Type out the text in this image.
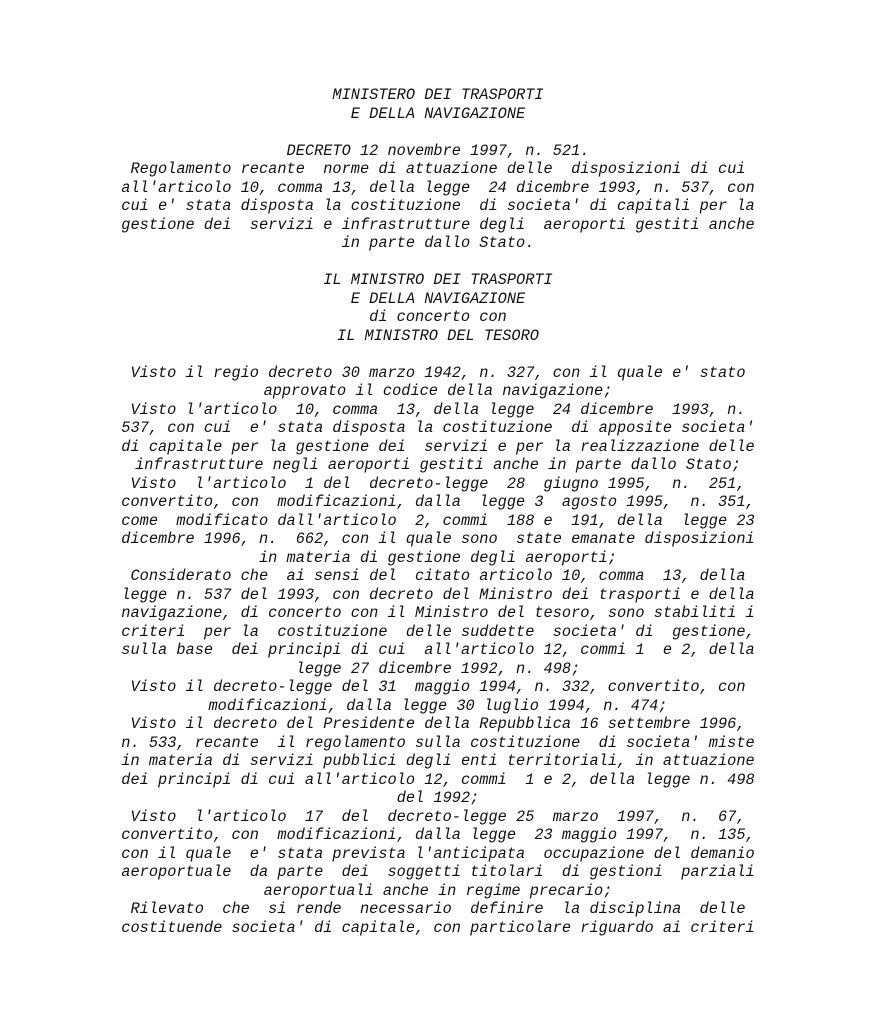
MINISTERO DEI TRASPORTI
E DELLA NAVIGAZIONE
DECRETO 12 novembre 1997, n. 521.
Regolamento recante  norme di attuazione delle  disposizioni di cui
all'articolo 10, comma 13, della legge  24 dicembre 1993, n. 537, con
cui e' stata disposta la costituzione  di societa' di capitali per la
gestione dei  servizi e infrastrutture degli  aeroporti gestiti anche
in parte dallo Stato.
IL MINISTRO DEI TRASPORTI
E DELLA NAVIGAZIONE
di concerto con
IL MINISTRO DEL TESORO
Visto il regio decreto 30 marzo 1942, n. 327, con il quale e' stato
approvato il codice della navigazione;
Visto l'articolo  10, comma  13, della legge  24 dicembre  1993, n.
537, con cui  e' stata disposta la costituzione  di apposite societa'
di capitale per la gestione dei  servizi e per la realizzazione delle
infrastrutture negli aeroporti gestiti anche in parte dallo Stato;
Visto  l'articolo  1 del  decreto-legge  28  giugno 1995,  n.  251,
convertito, con  modificazioni, dalla  legge 3  agosto 1995,  n. 351,
come  modificato dall'articolo  2, commi  188 e  191, della  legge 23
dicembre 1996, n.  662, con il quale sono  state emanate disposizioni
in materia di gestione degli aeroporti;
Considerato che  ai sensi del  citato articolo 10, comma  13, della
legge n. 537 del 1993, con decreto del Ministro dei trasporti e della
navigazione, di concerto con il Ministro del tesoro, sono stabiliti i
criteri  per la  costituzione  delle suddette  societa' di  gestione,
sulla base  dei principi di cui  all'articolo 12, commi 1  e 2, della
legge 27 dicembre 1992, n. 498;
Visto il decreto-legge del 31  maggio 1994, n. 332, convertito, con
modificazioni, dalla legge 30 luglio 1994, n. 474;
Visto il decreto del Presidente della Repubblica 16 settembre 1996,
n. 533, recante  il regolamento sulla costituzione  di societa' miste
in materia di servizi pubblici degli enti territoriali, in attuazione
dei principi di cui all'articolo 12, commi  1 e 2, della legge n. 498
del 1992;
Visto  l'articolo  17  del  decreto-legge 25  marzo  1997,  n.  67,
convertito, con  modificazioni, dalla legge  23 maggio 1997,  n. 135,
con il quale  e' stata prevista l'anticipata  occupazione del demanio
aeroportuale  da parte  dei  soggetti titolari  di gestioni  parziali
aeroportuali anche in regime precario;
Rilevato  che  si rende  necessario  definire  la disciplina  delle
costituende societa' di capitale, con particolare riguardo ai criteri
